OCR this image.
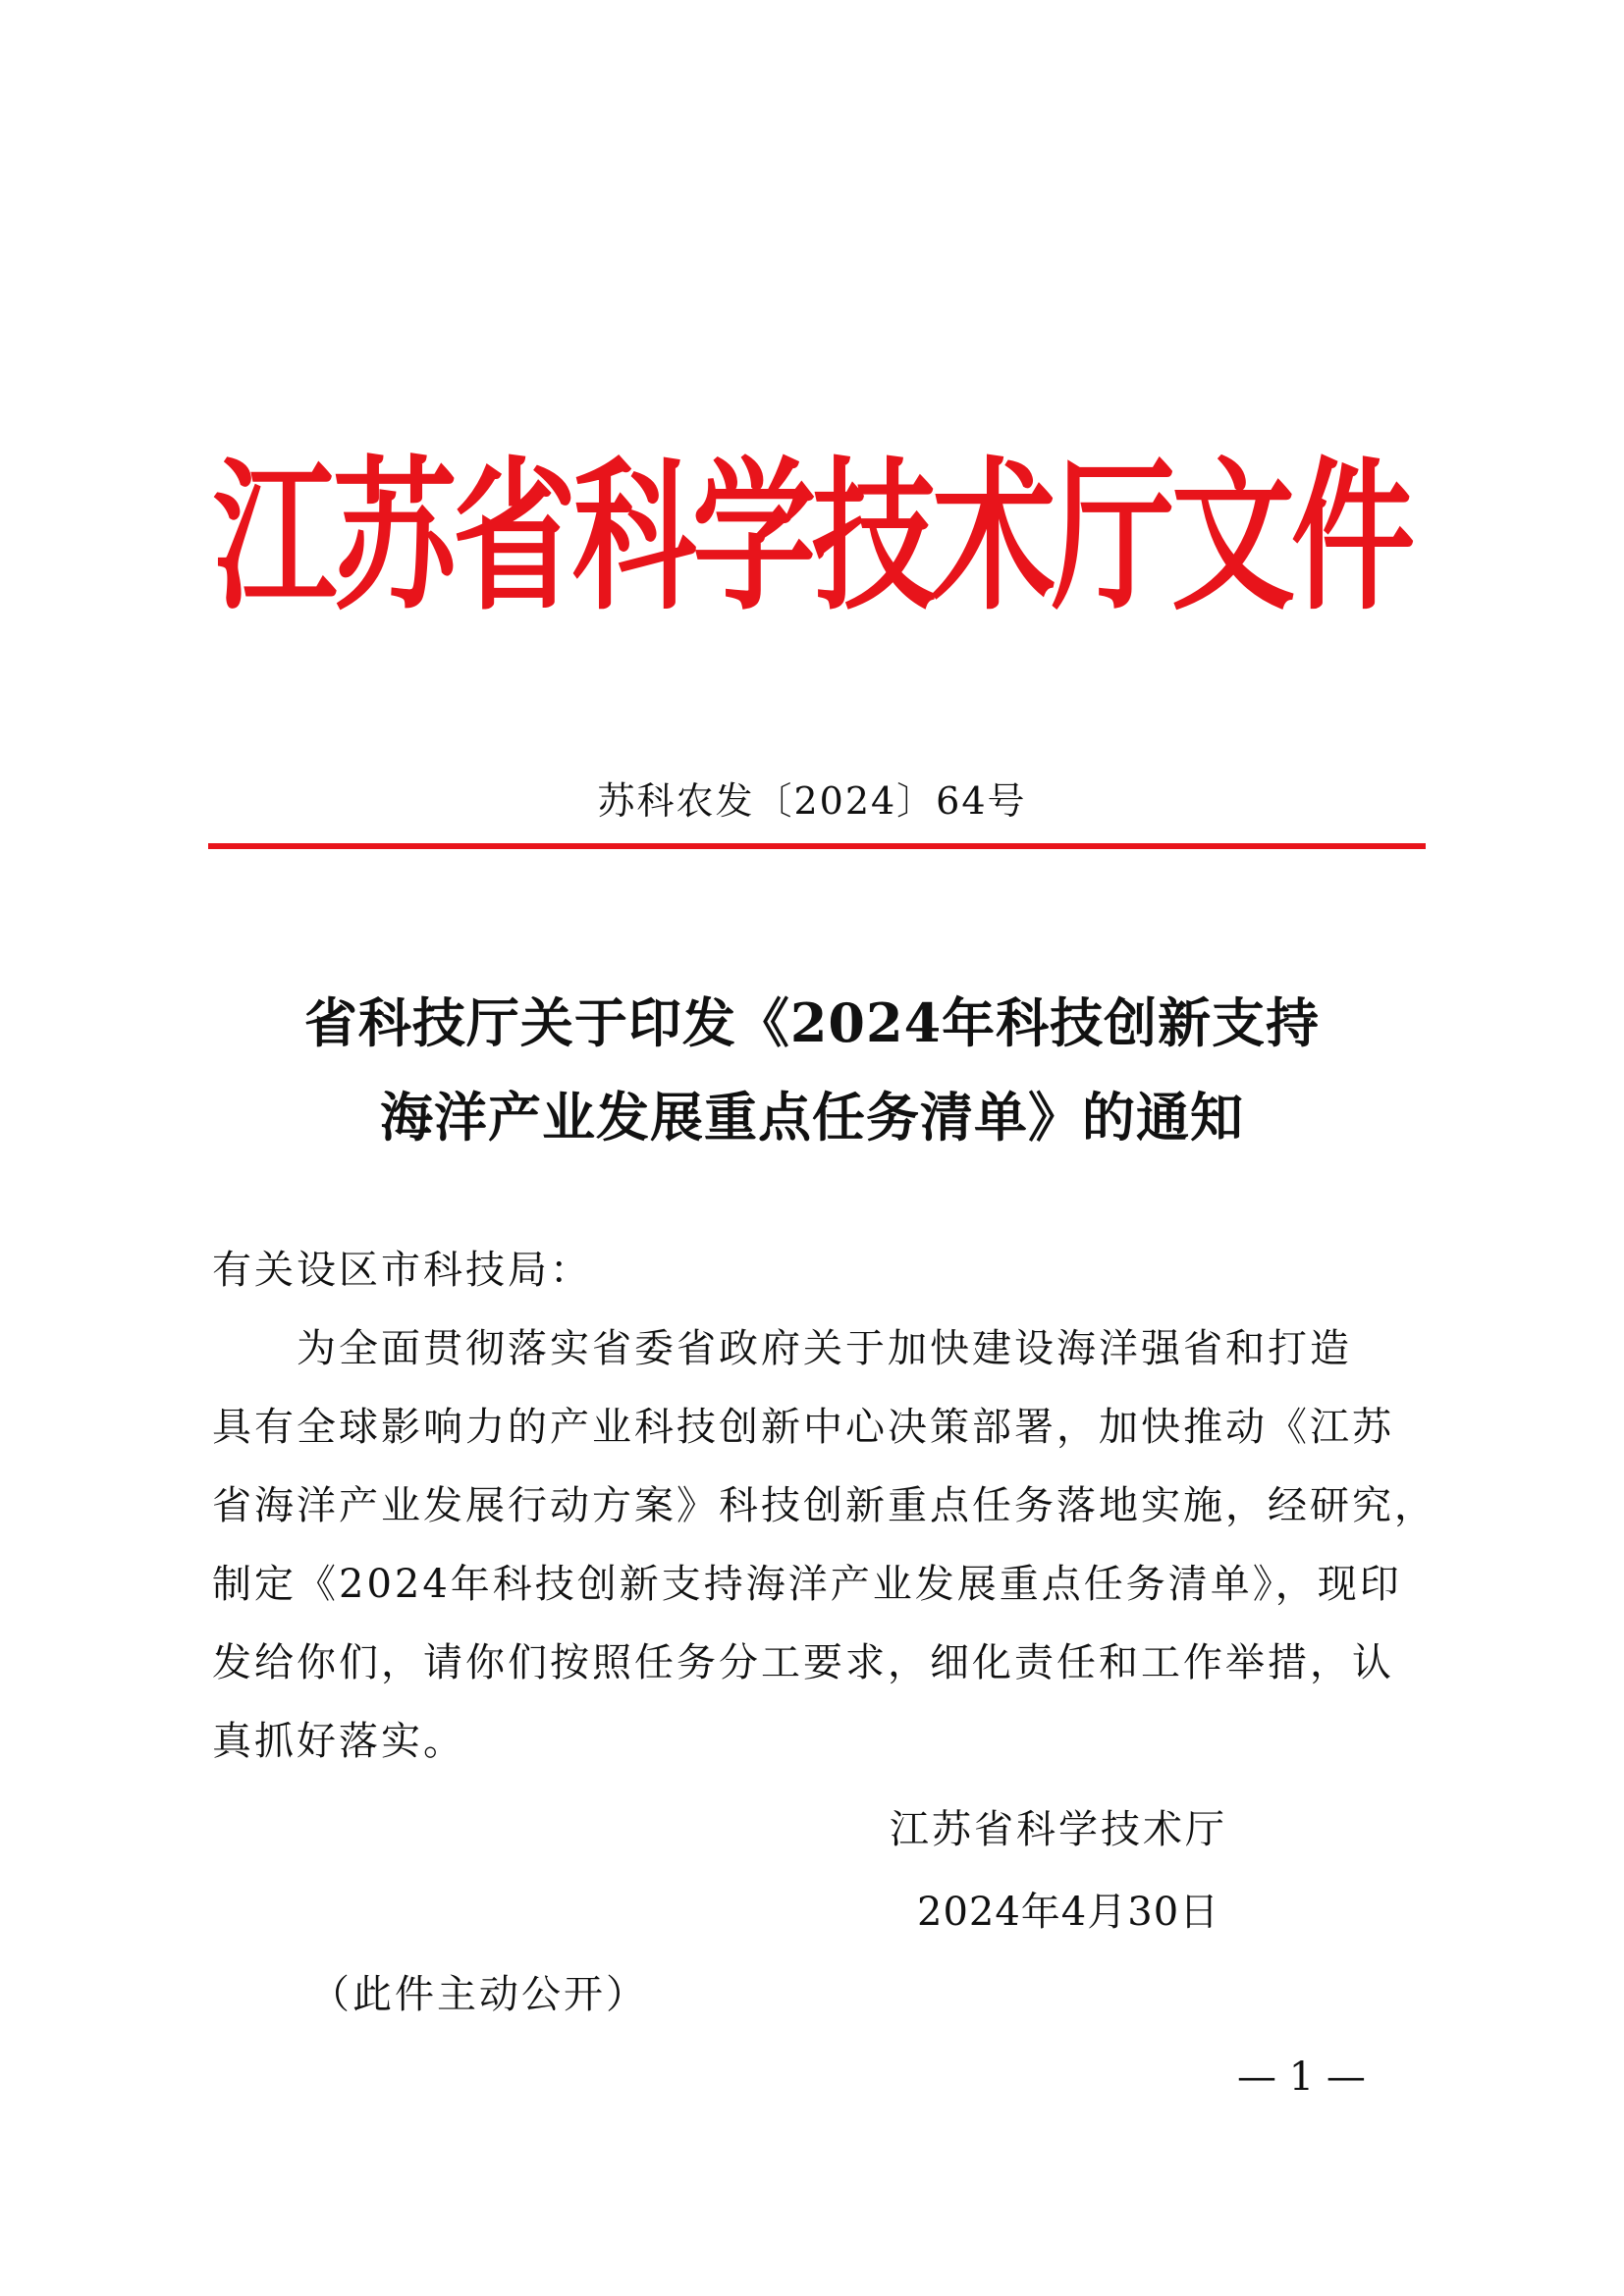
江苏省科学技术厅文件
苏科农发〔2024〕64号
省科技厅关于印发《2024年科技创新支持
海洋产业发展重点任务清单》的通知
有关设区市科技局：
为全面贯彻落实省委省政府关于加快建设海洋强省和打造
具有全球影响力的产业科技创新中心决策部署，加快推动《江苏
省海洋产业发展行动方案》科技创新重点任务落地实施，经研究，
制定《2024年科技创新支持海洋产业发展重点任务清单》，现印
发给你们，请你们按照任务分工要求，细化责任和工作举措，认
真抓好落实。
江苏省科学技术厅
2024年4月30日
（此件主动公开）
— 1 —
